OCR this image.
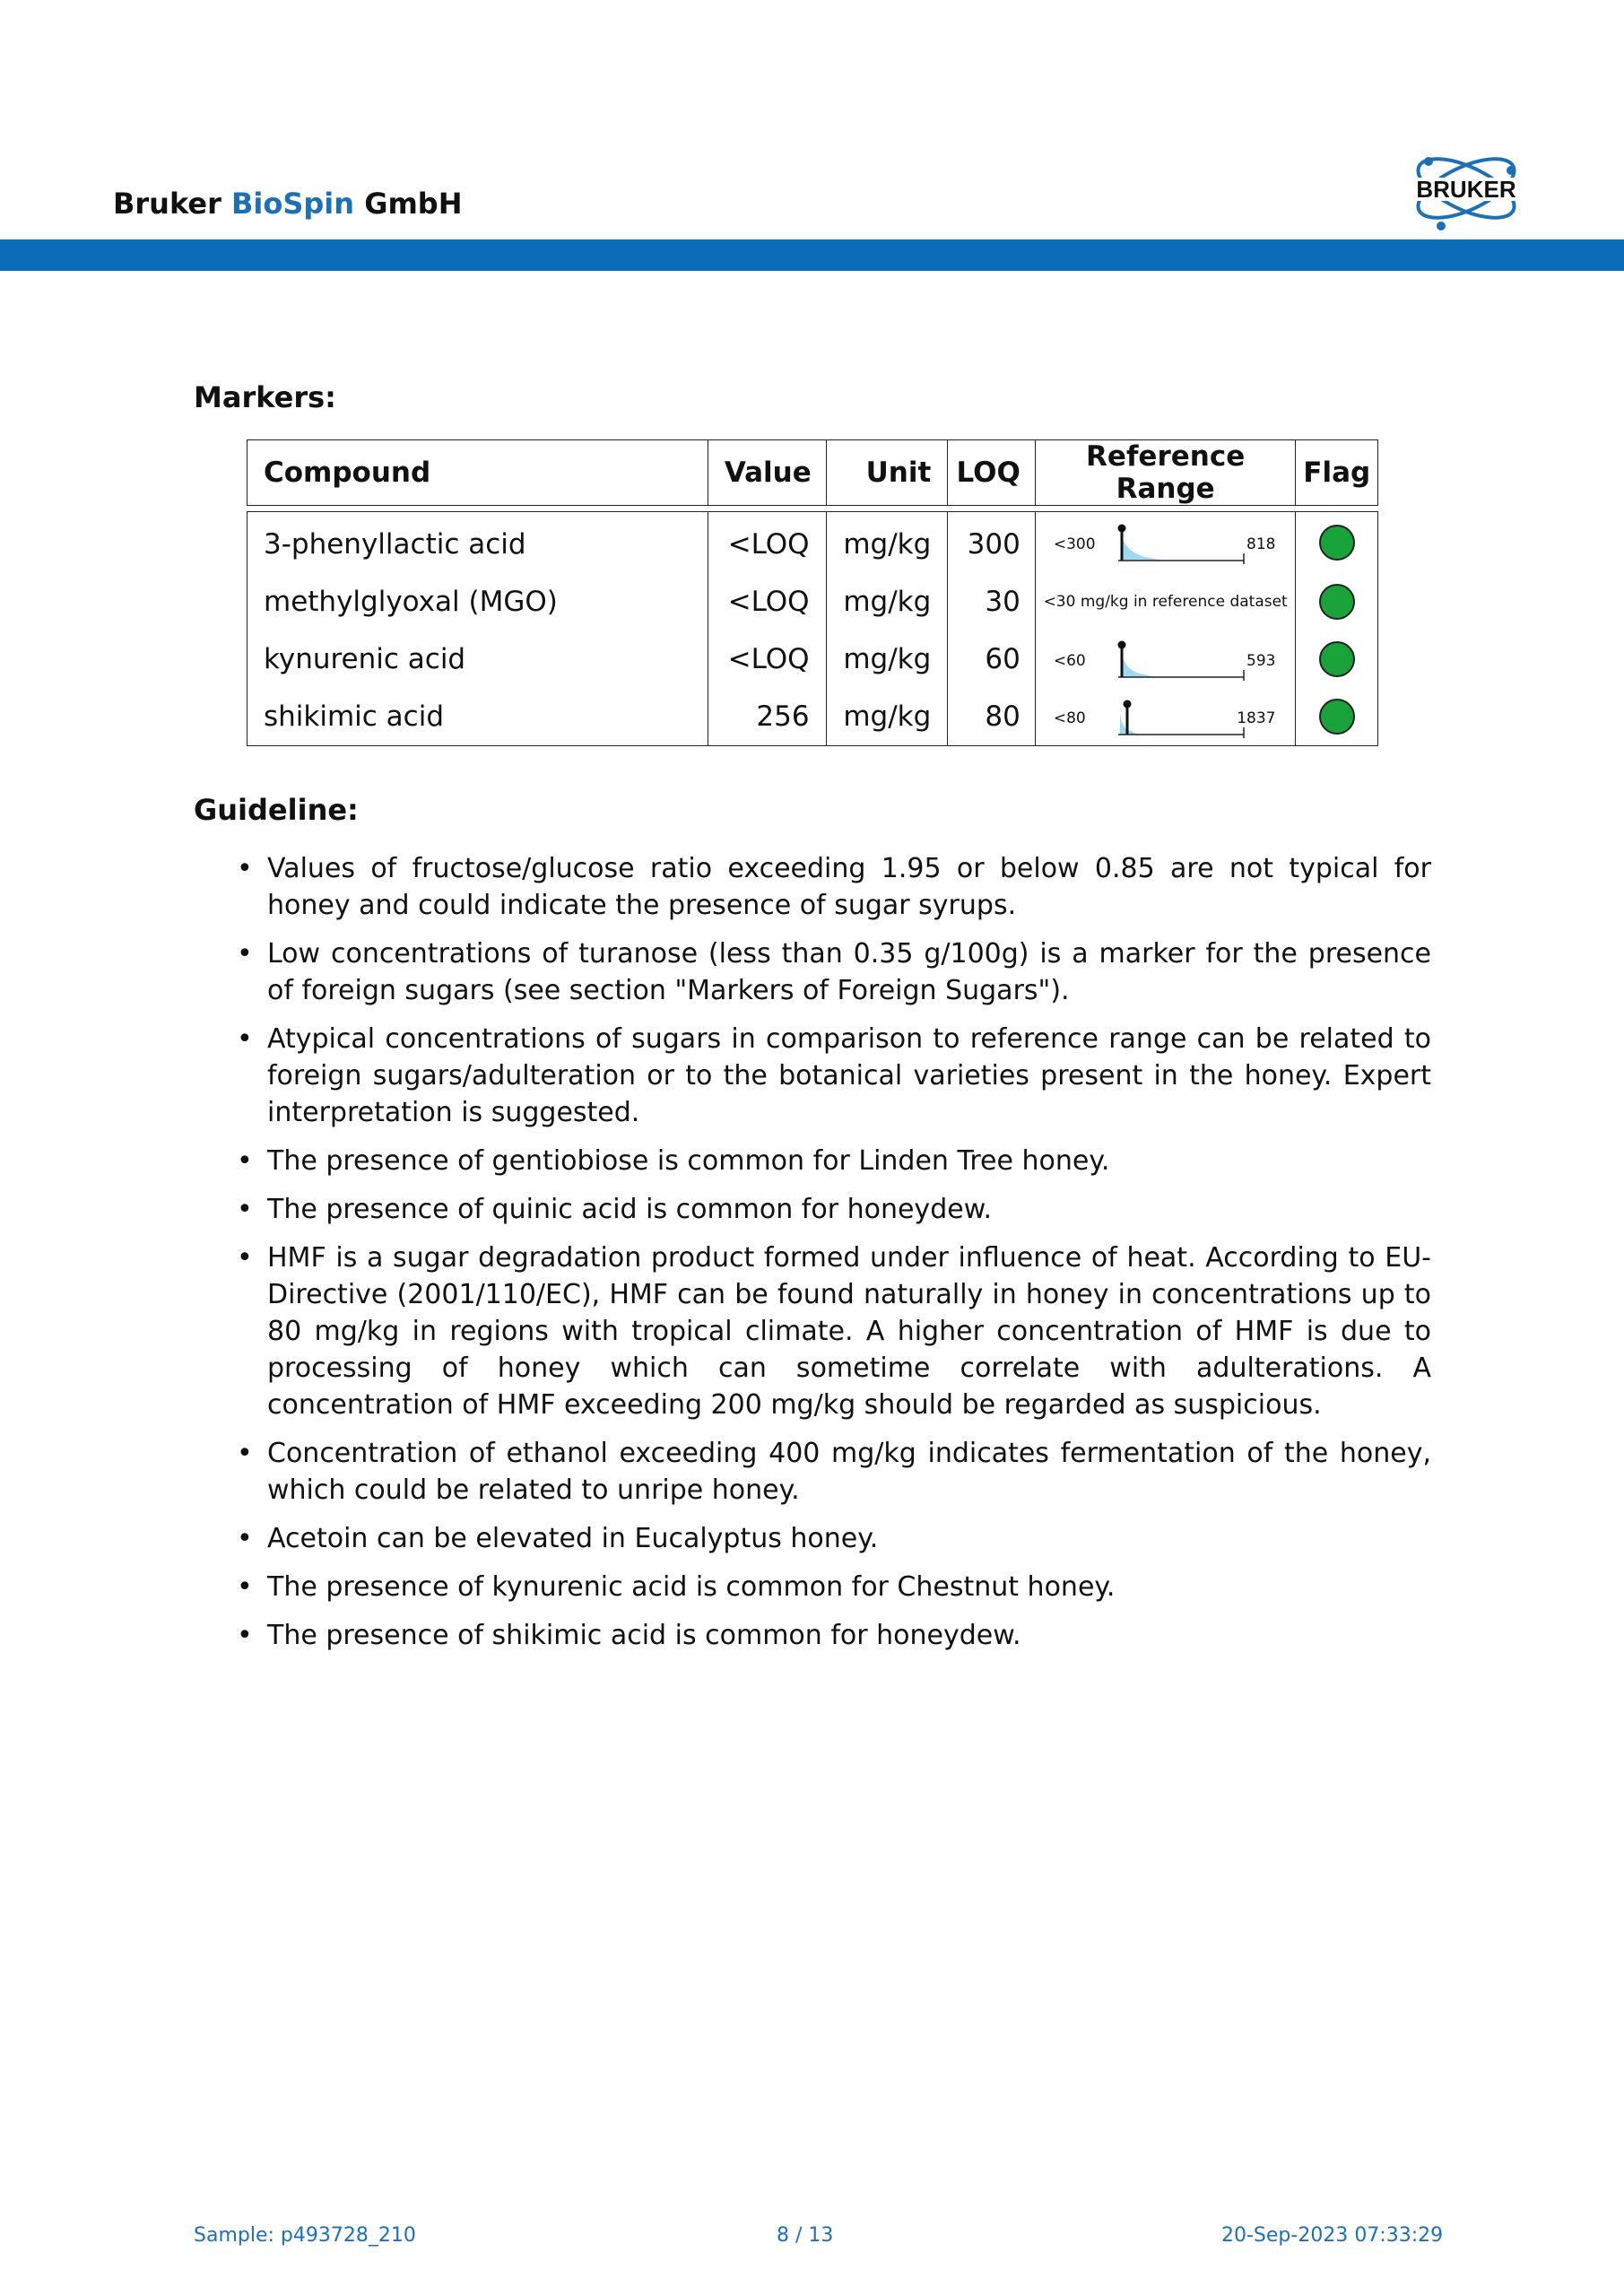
Bruker BioSpin GmbH	BRUKER
Markers:
Compound	Value	Unit	LOQ	Reference Range	Flag
3-phenyllactic acid	<LOQ	mg/kg	300	<300 818	

methylglyoxal (MGO)	<LOQ	mg/kg	30	<30 mg/kg in reference dataset	

kynurenic acid	<LOQ	mg/kg	60	<60 593	

shikimic acid	256	mg/kg	80	<80 1837	

Guideline:
• Values of fructose/glucose ratio exceeding 1.95 or below 0.85 are not typical for honey and could indicate the presence of sugar syrups.
• Low concentrations of turanose (less than 0.35 g/100g) is a marker for the presence of foreign sugars (see section "Markers of Foreign Sugars").
• Atypical concentrations of sugars in comparison to reference range can be related to foreign sugars/adulteration or to the botanical varieties present in the honey. Expert interpretation is suggested.
• The presence of gentiobiose is common for Linden Tree honey.
• The presence of quinic acid is common for honeydew.
• HMF is a sugar degradation product formed under influence of heat. According to EU-Directive (2001/110/EC), HMF can be found naturally in honey in concentrations up to 80 mg/kg in regions with tropical climate. A higher concentration of HMF is due to processing of honey which can sometime correlate with adulterations. A concentration of HMF exceeding 200 mg/kg should be regarded as suspicious.
• Concentration of ethanol exceeding 400 mg/kg indicates fermentation of the honey, which could be related to unripe honey.
• Acetoin can be elevated in Eucalyptus honey.
• The presence of kynurenic acid is common for Chestnut honey.
• The presence of shikimic acid is common for honeydew.
Sample: p493728_210	8 / 13	20-Sep-2023 07:33:29
